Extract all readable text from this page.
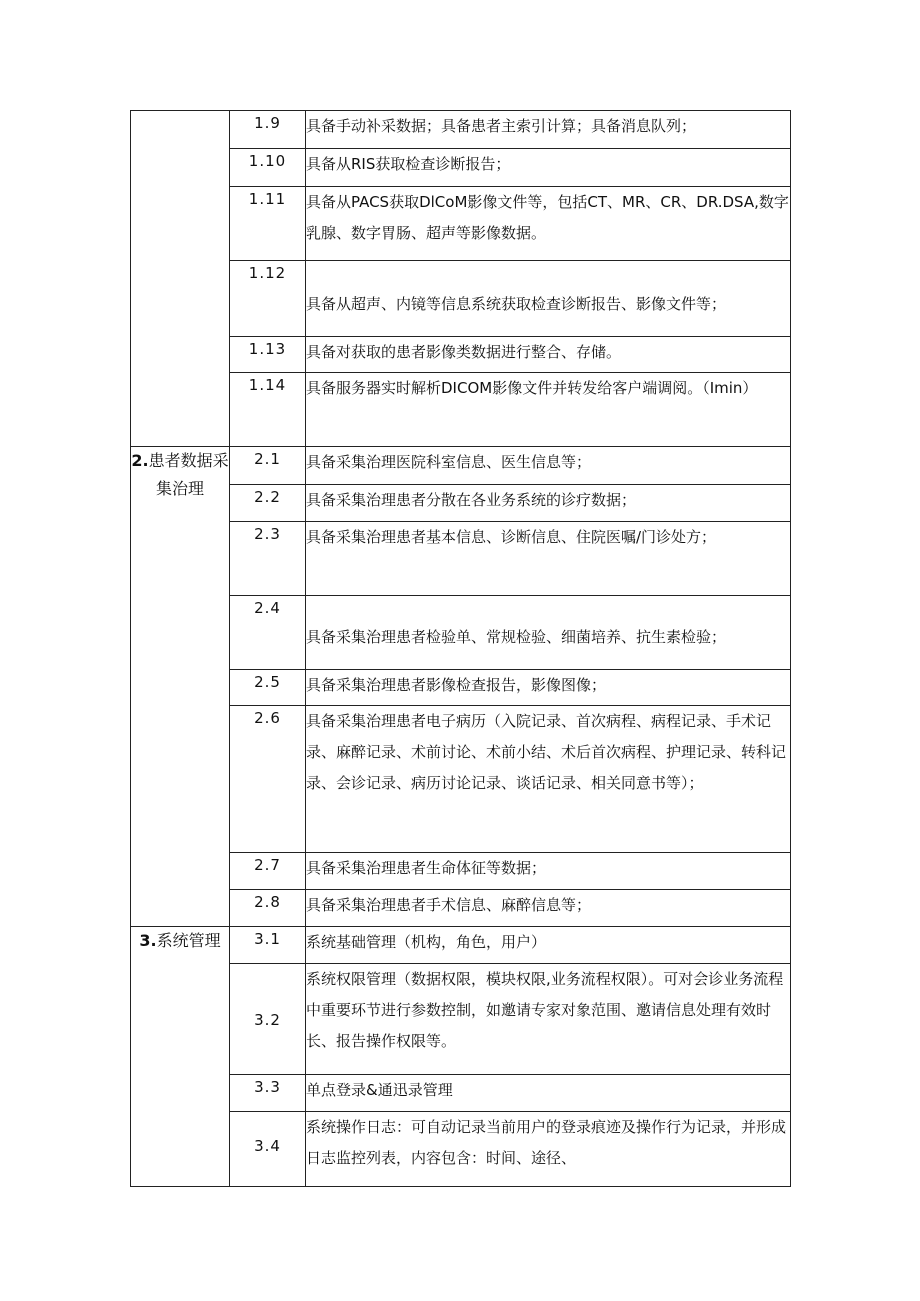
	1.9	具备手动补采数据；具备患者主索引计算；具备消息队列；
	1.10	具备从RIS获取检查诊断报告；
	1.11	具备从PACS获取DlCoM影像文件等，包括CT、MR、CR、DR.DSA,数字乳腺、数字胃肠、超声等影像数据。
	1.12	具备从超声、内镜等信息系统获取检查诊断报告、影像文件等；
	1.13	具备对获取的患者影像类数据进行整合、存储。
	1.14	具备服务器实时解析DICOM影像文件并转发给客户端调阅。（Imin）
2.患者数据采集治理	2.1	具备采集治理医院科室信息、医生信息等；
	2.2	具备采集治理患者分散在各业务系统的诊疗数据；
	2.3	具备采集治理患者基本信息、诊断信息、住院医嘱/门诊处方；
	2.4	具备采集治理患者检验单、常规检验、细菌培养、抗生素检验；
	2.5	具备采集治理患者影像检查报告，影像图像；
	2.6	具备采集治理患者电子病历（入院记录、首次病程、病程记录、手术记录、麻醉记录、术前讨论、术前小结、术后首次病程、护理记录、转科记录、会诊记录、病历讨论记录、谈话记录、相关同意书等）；
	2.7	具备采集治理患者生命体征等数据；
	2.8	具备采集治理患者手术信息、麻醉信息等；
3.系统管理	3.1	系统基础管理（机构，角色，用户）
	3.2	系统权限管理（数据权限，模块权限,业务流程权限）。可对会诊业务流程中重要环节进行参数控制，如邀请专家对象范围、邀请信息处理有效时长、报告操作权限等。
	3.3	单点登录&通迅录管理
	3.4	系统操作日志：可自动记录当前用户的登录痕迹及操作行为记录，并形成日志监控列表，内容包含：时间、途径、
